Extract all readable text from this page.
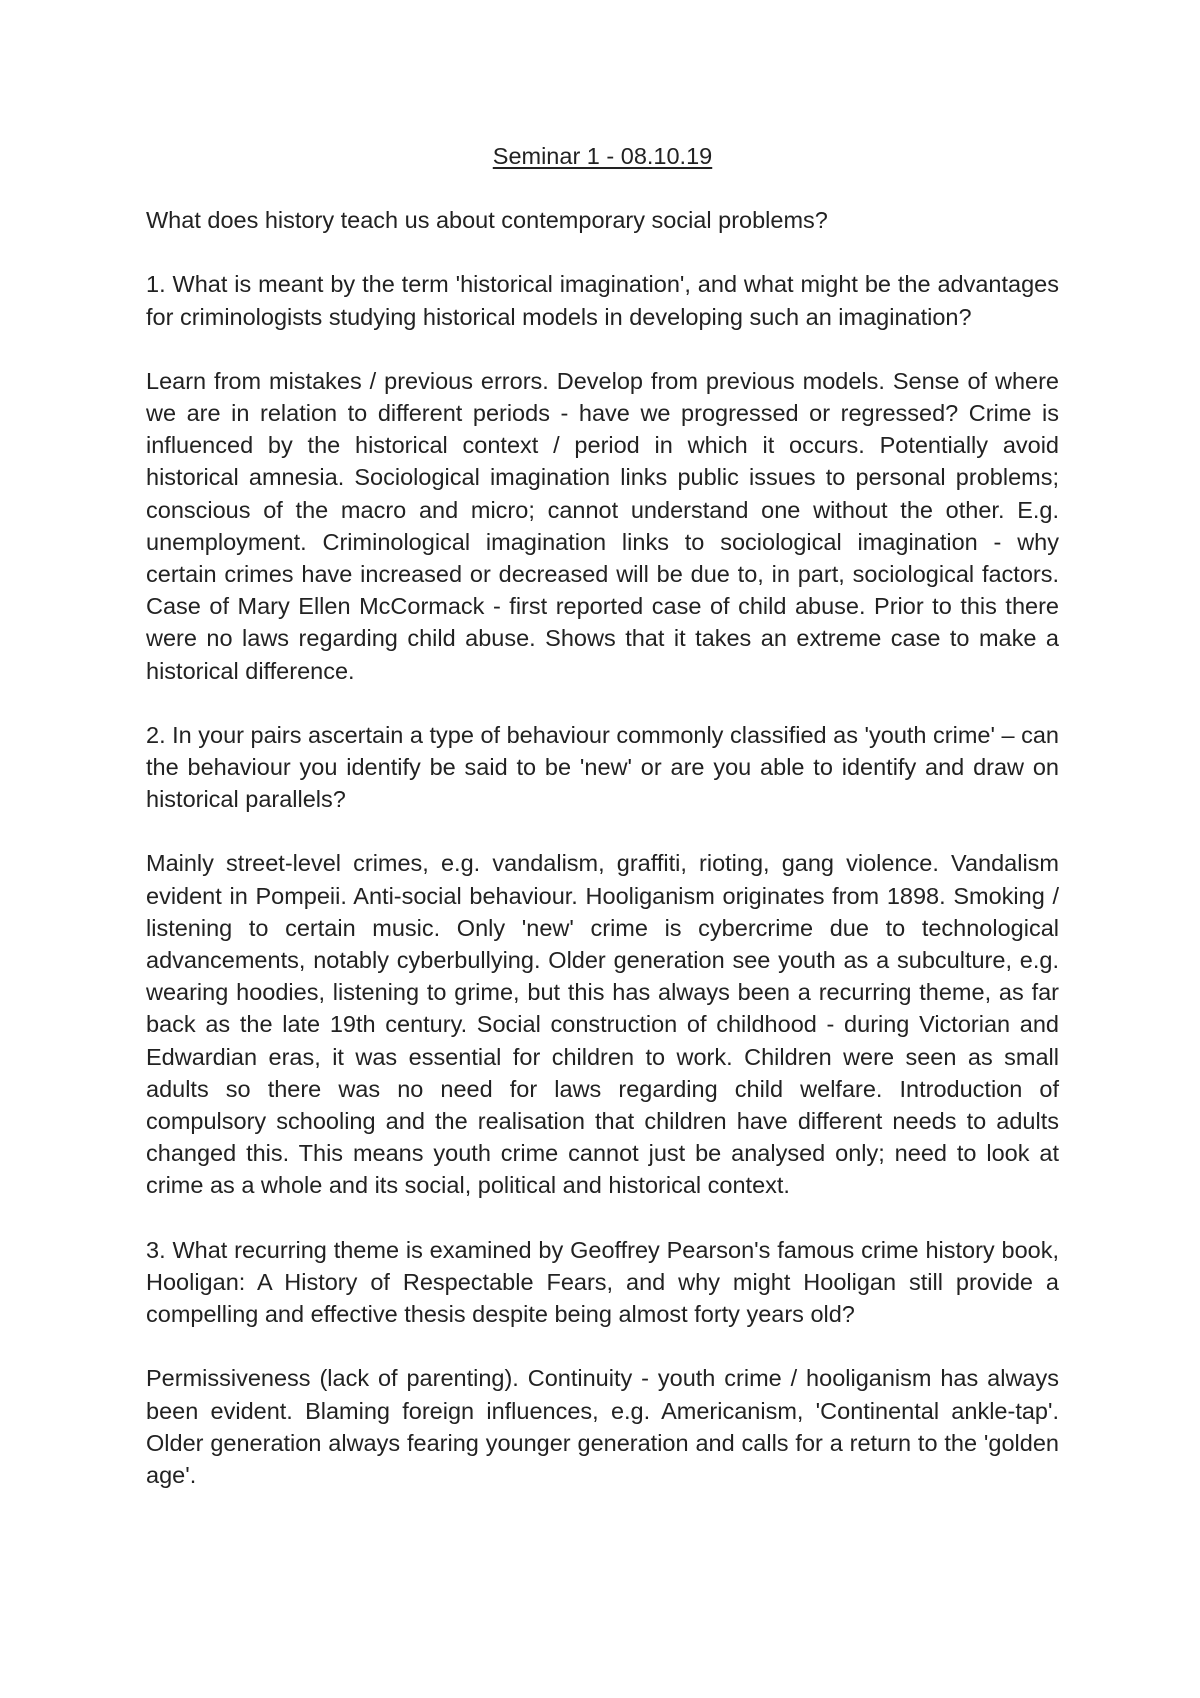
Seminar 1 - 08.10.19
What does history teach us about contemporary social problems?
1. What is meant by the term 'historical imagination', and what might be the advantages for criminologists studying historical models in developing such an imagination?
Learn from mistakes / previous errors. Develop from previous models. Sense of where we are in relation to different periods - have we progressed or regressed? Crime is influenced by the historical context / period in which it occurs. Potentially avoid historical amnesia. Sociological imagination links public issues to personal problems; conscious of the macro and micro; cannot understand one without the other. E.g. unemployment. Criminological imagination links to sociological imagination - why certain crimes have increased or decreased will be due to, in part, sociological factors. Case of Mary Ellen McCormack - first reported case of child abuse. Prior to this there were no laws regarding child abuse. Shows that it takes an extreme case to make a historical difference.
2. In your pairs ascertain a type of behaviour commonly classified as 'youth crime' – can the behaviour you identify be said to be 'new' or are you able to identify and draw on historical parallels?
Mainly street-level crimes, e.g. vandalism, graffiti, rioting, gang violence. Vandalism evident in Pompeii. Anti-social behaviour. Hooliganism originates from 1898. Smoking / listening to certain music. Only 'new' crime is cybercrime due to technological advancements, notably cyberbullying. Older generation see youth as a subculture, e.g. wearing hoodies, listening to grime, but this has always been a recurring theme, as far back as the late 19th century. Social construction of childhood - during Victorian and Edwardian eras, it was essential for children to work. Children were seen as small adults so there was no need for laws regarding child welfare. Introduction of compulsory schooling and the realisation that children have different needs to adults changed this. This means youth crime cannot just be analysed only; need to look at crime as a whole and its social, political and historical context.
3. What recurring theme is examined by Geoffrey Pearson's famous crime history book, Hooligan: A History of Respectable Fears, and why might Hooligan still provide a compelling and effective thesis despite being almost forty years old?
Permissiveness (lack of parenting). Continuity - youth crime / hooliganism has always been evident. Blaming foreign influences, e.g. Americanism, 'Continental ankle-tap'. Older generation always fearing younger generation and calls for a return to the 'golden age'.
